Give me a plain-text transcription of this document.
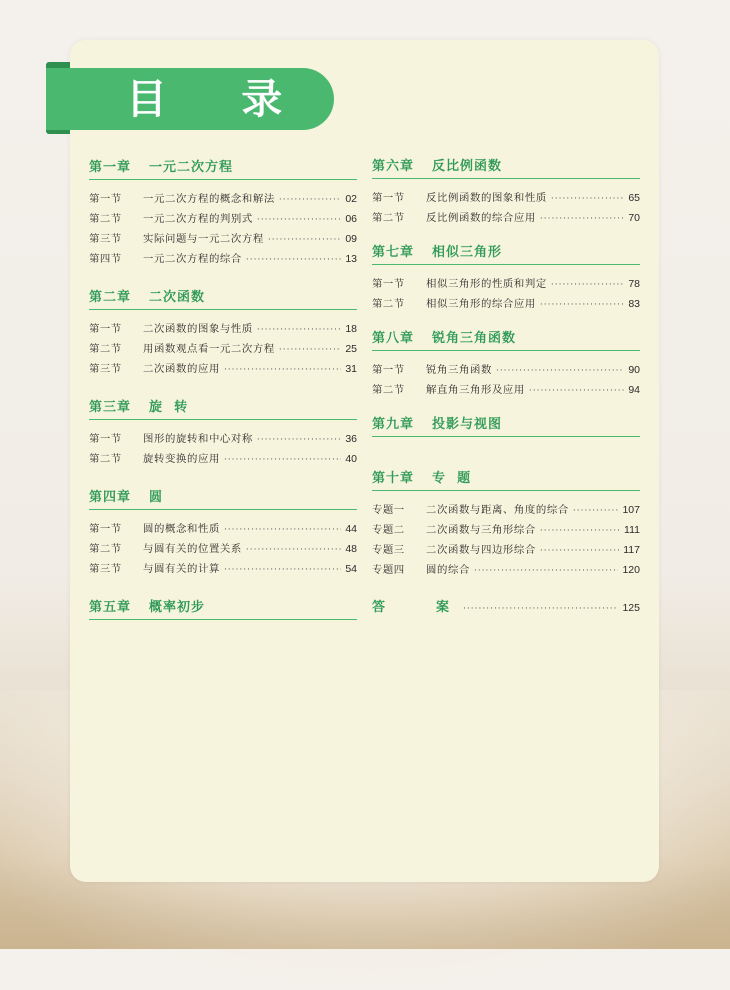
目 录
第一章 一元二次方程
第一节	一元二次方程的概念和解法 ·····	02
第二节	一元二次方程的判别式 ·····	06
第三节	实际问题与一元二次方程 ·····	09
第四节	一元二次方程的综合 ·····	13
第二章 二次函数
第一节	二次函数的图象与性质 ·····	18
第二节	用函数观点看一元二次方程 ·····	25
第三节	二次函数的应用 ·····	31
第三章 旋  转
第一节	图形的旋转和中心对称 ·····	36
第二节	旋转变换的应用 ·····	40
第四章 圆
第一节	圆的概念和性质 ·····	44
第二节	与圆有关的位置关系 ·····	48
第三节	与圆有关的计算 ·····	54
第五章 概率初步
第六章 反比例函数
第一节	反比例函数的图象和性质 ·····	65
第二节	反比例函数的综合应用 ·····	70
第七章 相似三角形
第一节	相似三角形的性质和判定 ·····	78
第二节	相似三角形的综合应用 ·····	83
第八章 锐角三角函数
第一节	锐角三角函数 ·····	90
第二节	解直角三角形及应用 ·····	94
第九章 投影与视图
第十章 专  题
专题一	二次函数与距离、角度的综合 ·····	107
专题二	二次函数与三角形综合 ·····	111
专题三	二次函数与四边形综合 ·····	117
专题四	圆的综合 ·····	120
答  案 ·····	125
